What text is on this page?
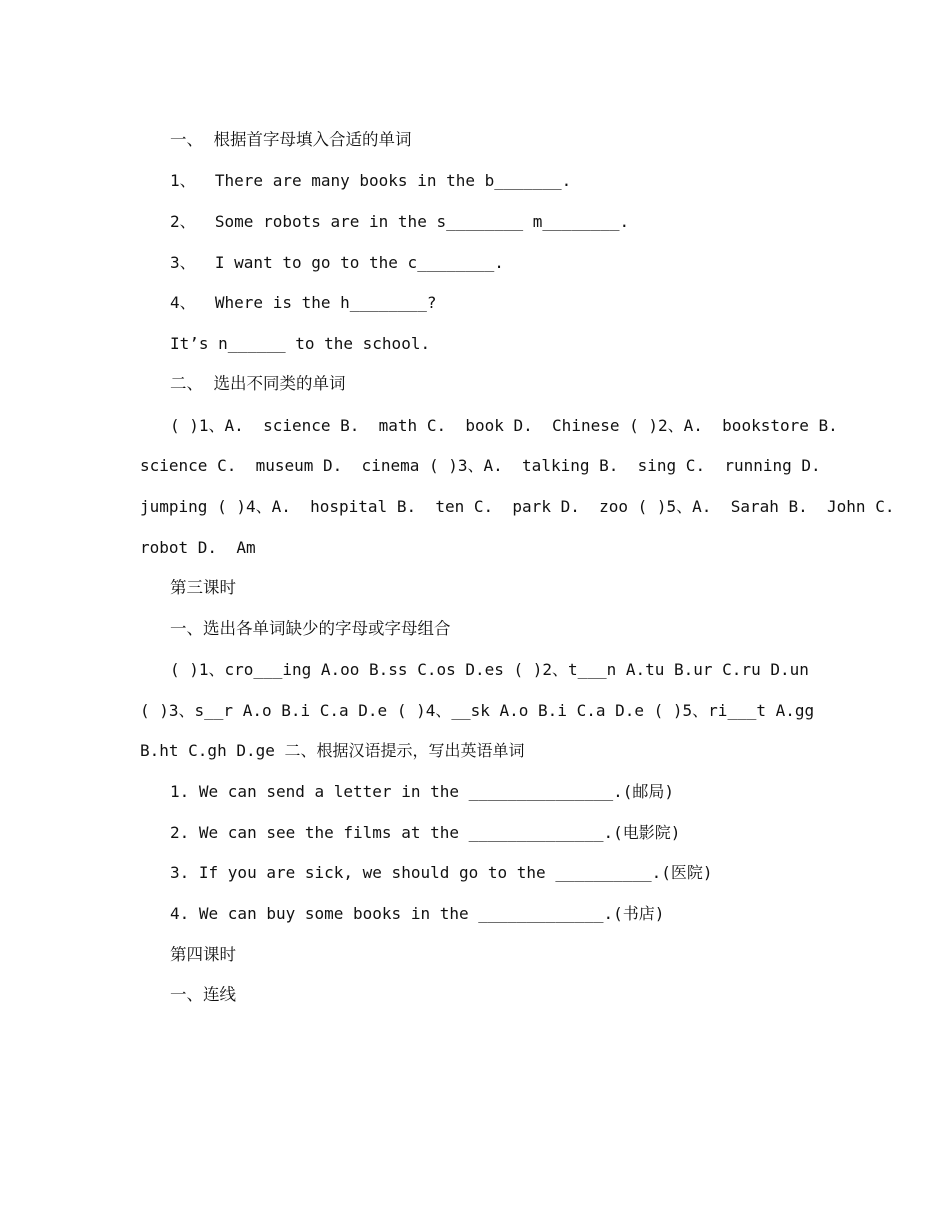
一、  根据首字母填入合适的单词
1、  There are many books in the b_______.
2、  Some robots are in the s________ m________.
3、  I want to go to the c________.
4、  Where is the h________?
It’s n______ to the school.
二、  选出不同类的单词
( )1、A.  science B.  math C.  book D.  Chinese ( )2、A.  bookstore B.
science C.  museum D.  cinema ( )3、A.  talking B.  sing C.  running D.
jumping ( )4、A.  hospital B.  ten C.  park D.  zoo ( )5、A.  Sarah B.  John C.
robot D.  Am
第三课时
一、选出各单词缺少的字母或字母组合
( )1、cro___ing A.oo B.ss C.os D.es ( )2、t___n A.tu B.ur C.ru D.un
( )3、s__r A.o B.i C.a D.e ( )4、__sk A.o B.i C.a D.e ( )5、ri___t A.gg
B.ht C.gh D.ge 二、根据汉语提示，写出英语单词
1. We can send a letter in the _______________.(邮局)
2. We can see the films at the ______________.(电影院)
3. If you are sick, we should go to the __________.(医院)
4. We can buy some books in the _____________.(书店)
第四课时
一、连线
